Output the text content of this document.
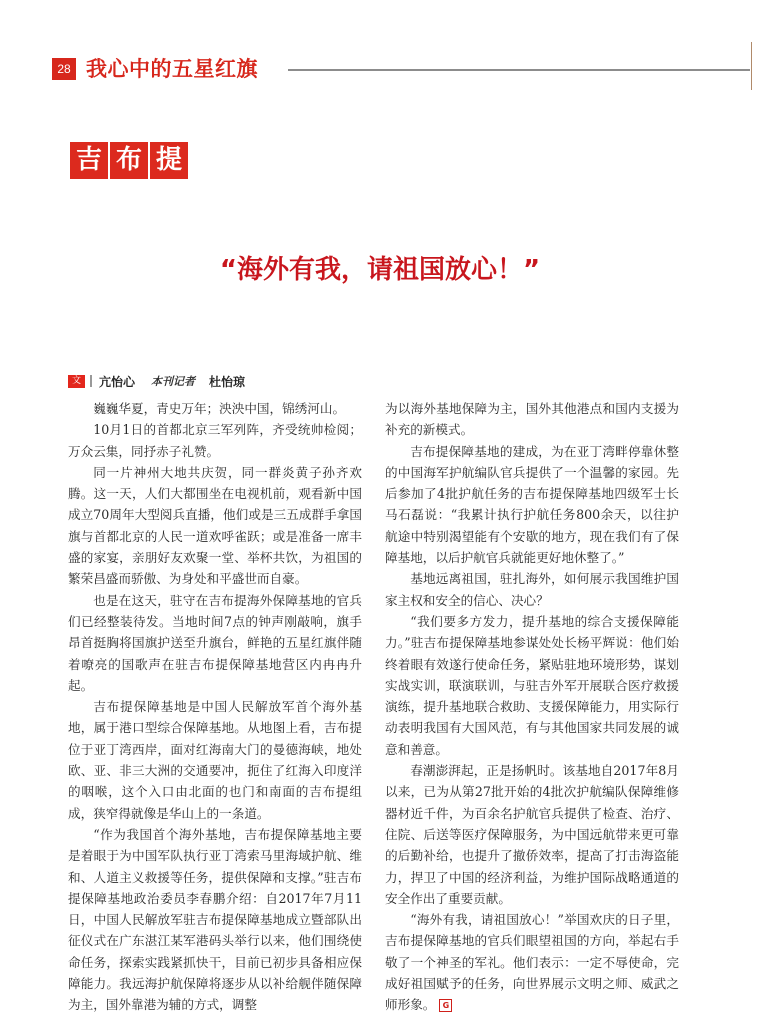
28 我心中的五星红旗
吉 布 提
“海外有我，请祖国放心！”
文	亢怡心 本刊记者 杜怡琼

巍巍华夏，青史万年；泱泱中国，锦绣河山。

10月1日的首都北京三军列阵，齐受统帅检阅；万众云集，同抒赤子礼赞。

同一片神州大地共庆贺，同一群炎黄子孙齐欢腾。这一天，人们大都围坐在电视机前，观看新中国成立70周年大型阅兵直播，他们或是三五成群手拿国旗与首都北京的人民一道欢呼雀跃；或是准备一席丰盛的家宴，亲朋好友欢聚一堂、举杯共饮，为祖国的繁荣昌盛而骄傲、为身处和平盛世而自豪。

也是在这天，驻守在吉布提海外保障基地的官兵们已经整装待发。当地时间7点的钟声刚敲响，旗手昂首挺胸将国旗护送至升旗台，鲜艳的五星红旗伴随着嘹亮的国歌声在驻吉布提保障基地营区内冉冉升起。

吉布提保障基地是中国人民解放军首个海外基地，属于港口型综合保障基地。从地图上看，吉布提位于亚丁湾西岸，面对红海南大门的曼德海峡，地处欧、亚、非三大洲的交通要冲，扼住了红海入印度洋的咽喉，这个入口由北面的也门和南面的吉布提组成，狭窄得就像是华山上的一条道。

“作为我国首个海外基地，吉布提保障基地主要是着眼于为中国军队执行亚丁湾索马里海域护航、维和、人道主义救援等任务，提供保障和支撑。”驻吉布提保障基地政治委员李春鹏介绍：自2017年7月11日，中国人民解放军驻吉布提保障基地成立暨部队出征仪式在广东湛江某军港码头举行以来，他们围绕使命任务，探索实践紧抓快干，目前已初步具备相应保障能力。我远海护航保障将逐步从以补给舰伴随保障为主，国外靠港为辅的方式，调整

为以海外基地保障为主，国外其他港点和国内支援为补充的新模式。

吉布提保障基地的建成，为在亚丁湾畔停靠休整的中国海军护航编队官兵提供了一个温馨的家园。先后参加了4批护航任务的吉布提保障基地四级军士长马石磊说：“我累计执行护航任务800余天，以往护航途中特别渴望能有个安歇的地方，现在我们有了保障基地，以后护航官兵就能更好地休整了。”

基地远离祖国，驻扎海外，如何展示我国维护国家主权和安全的信心、决心？

“我们要多方发力，提升基地的综合支援保障能力。”驻吉布提保障基地参谋处处长杨平辉说：他们始终着眼有效遂行使命任务，紧贴驻地环境形势，谋划实战实训，联演联训，与驻吉外军开展联合医疗救援演练，提升基地联合救助、支援保障能力，用实际行动表明我国有大国风范，有与其他国家共同发展的诚意和善意。

春潮澎湃起，正是扬帆时。该基地自2017年8月以来，已为从第27批开始的4批次护航编队保障维修器材近千件，为百余名护航官兵提供了检查、治疗、住院、后送等医疗保障服务，为中国远航带来更可靠的后勤补给，也提升了撤侨效率，提高了打击海盗能力，捍卫了中国的经济利益，为维护国际战略通道的安全作出了重要贡献。

“海外有我，请祖国放心！”举国欢庆的日子里，吉布提保障基地的官兵们眼望祖国的方向，举起右手敬了一个神圣的军礼。他们表示：一定不辱使命，完成好祖国赋予的任务，向世界展示文明之师、威武之师形象。 G
